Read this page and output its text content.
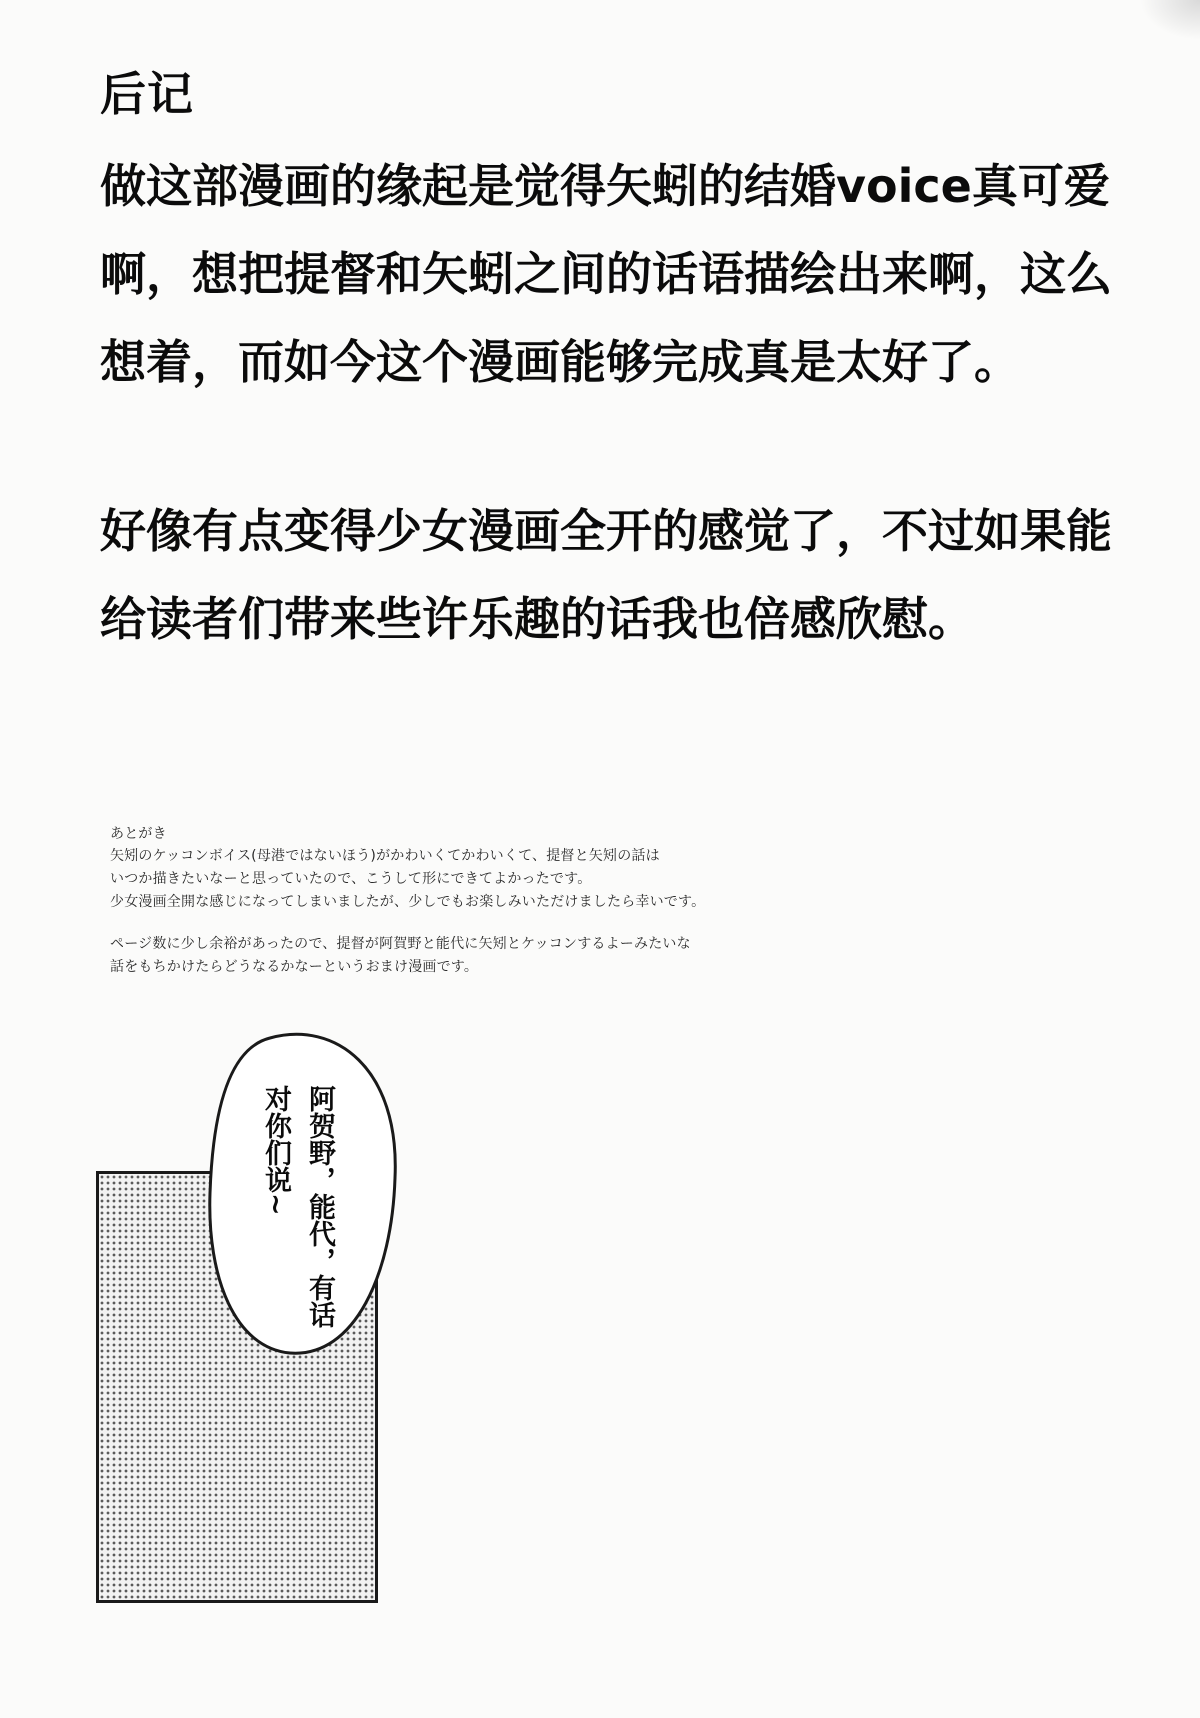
后记
做这部漫画的缘起是觉得矢蚓的结婚voice真可爱
啊，想把提督和矢蚓之间的话语描绘出来啊，这么
想着，而如今这个漫画能够完成真是太好了。
好像有点变得少女漫画全开的感觉了，不过如果能
给读者们带来些许乐趣的话我也倍感欣慰。
あとがき
矢矧のケッコンボイス(母港ではないほう)がかわいくてかわいくて、提督と矢矧の話は
いつか描きたいなーと思っていたので、こうして形にできてよかったです。
少女漫画全開な感じになってしまいましたが、少しでもお楽しみいただけましたら幸いです。
ページ数に少し余裕があったので、提督が阿賀野と能代に矢矧とケッコンするよーみたいな
話をもちかけたらどうなるかなーというおまけ漫画です。
阿贺野，能代，有话
对你们说~
